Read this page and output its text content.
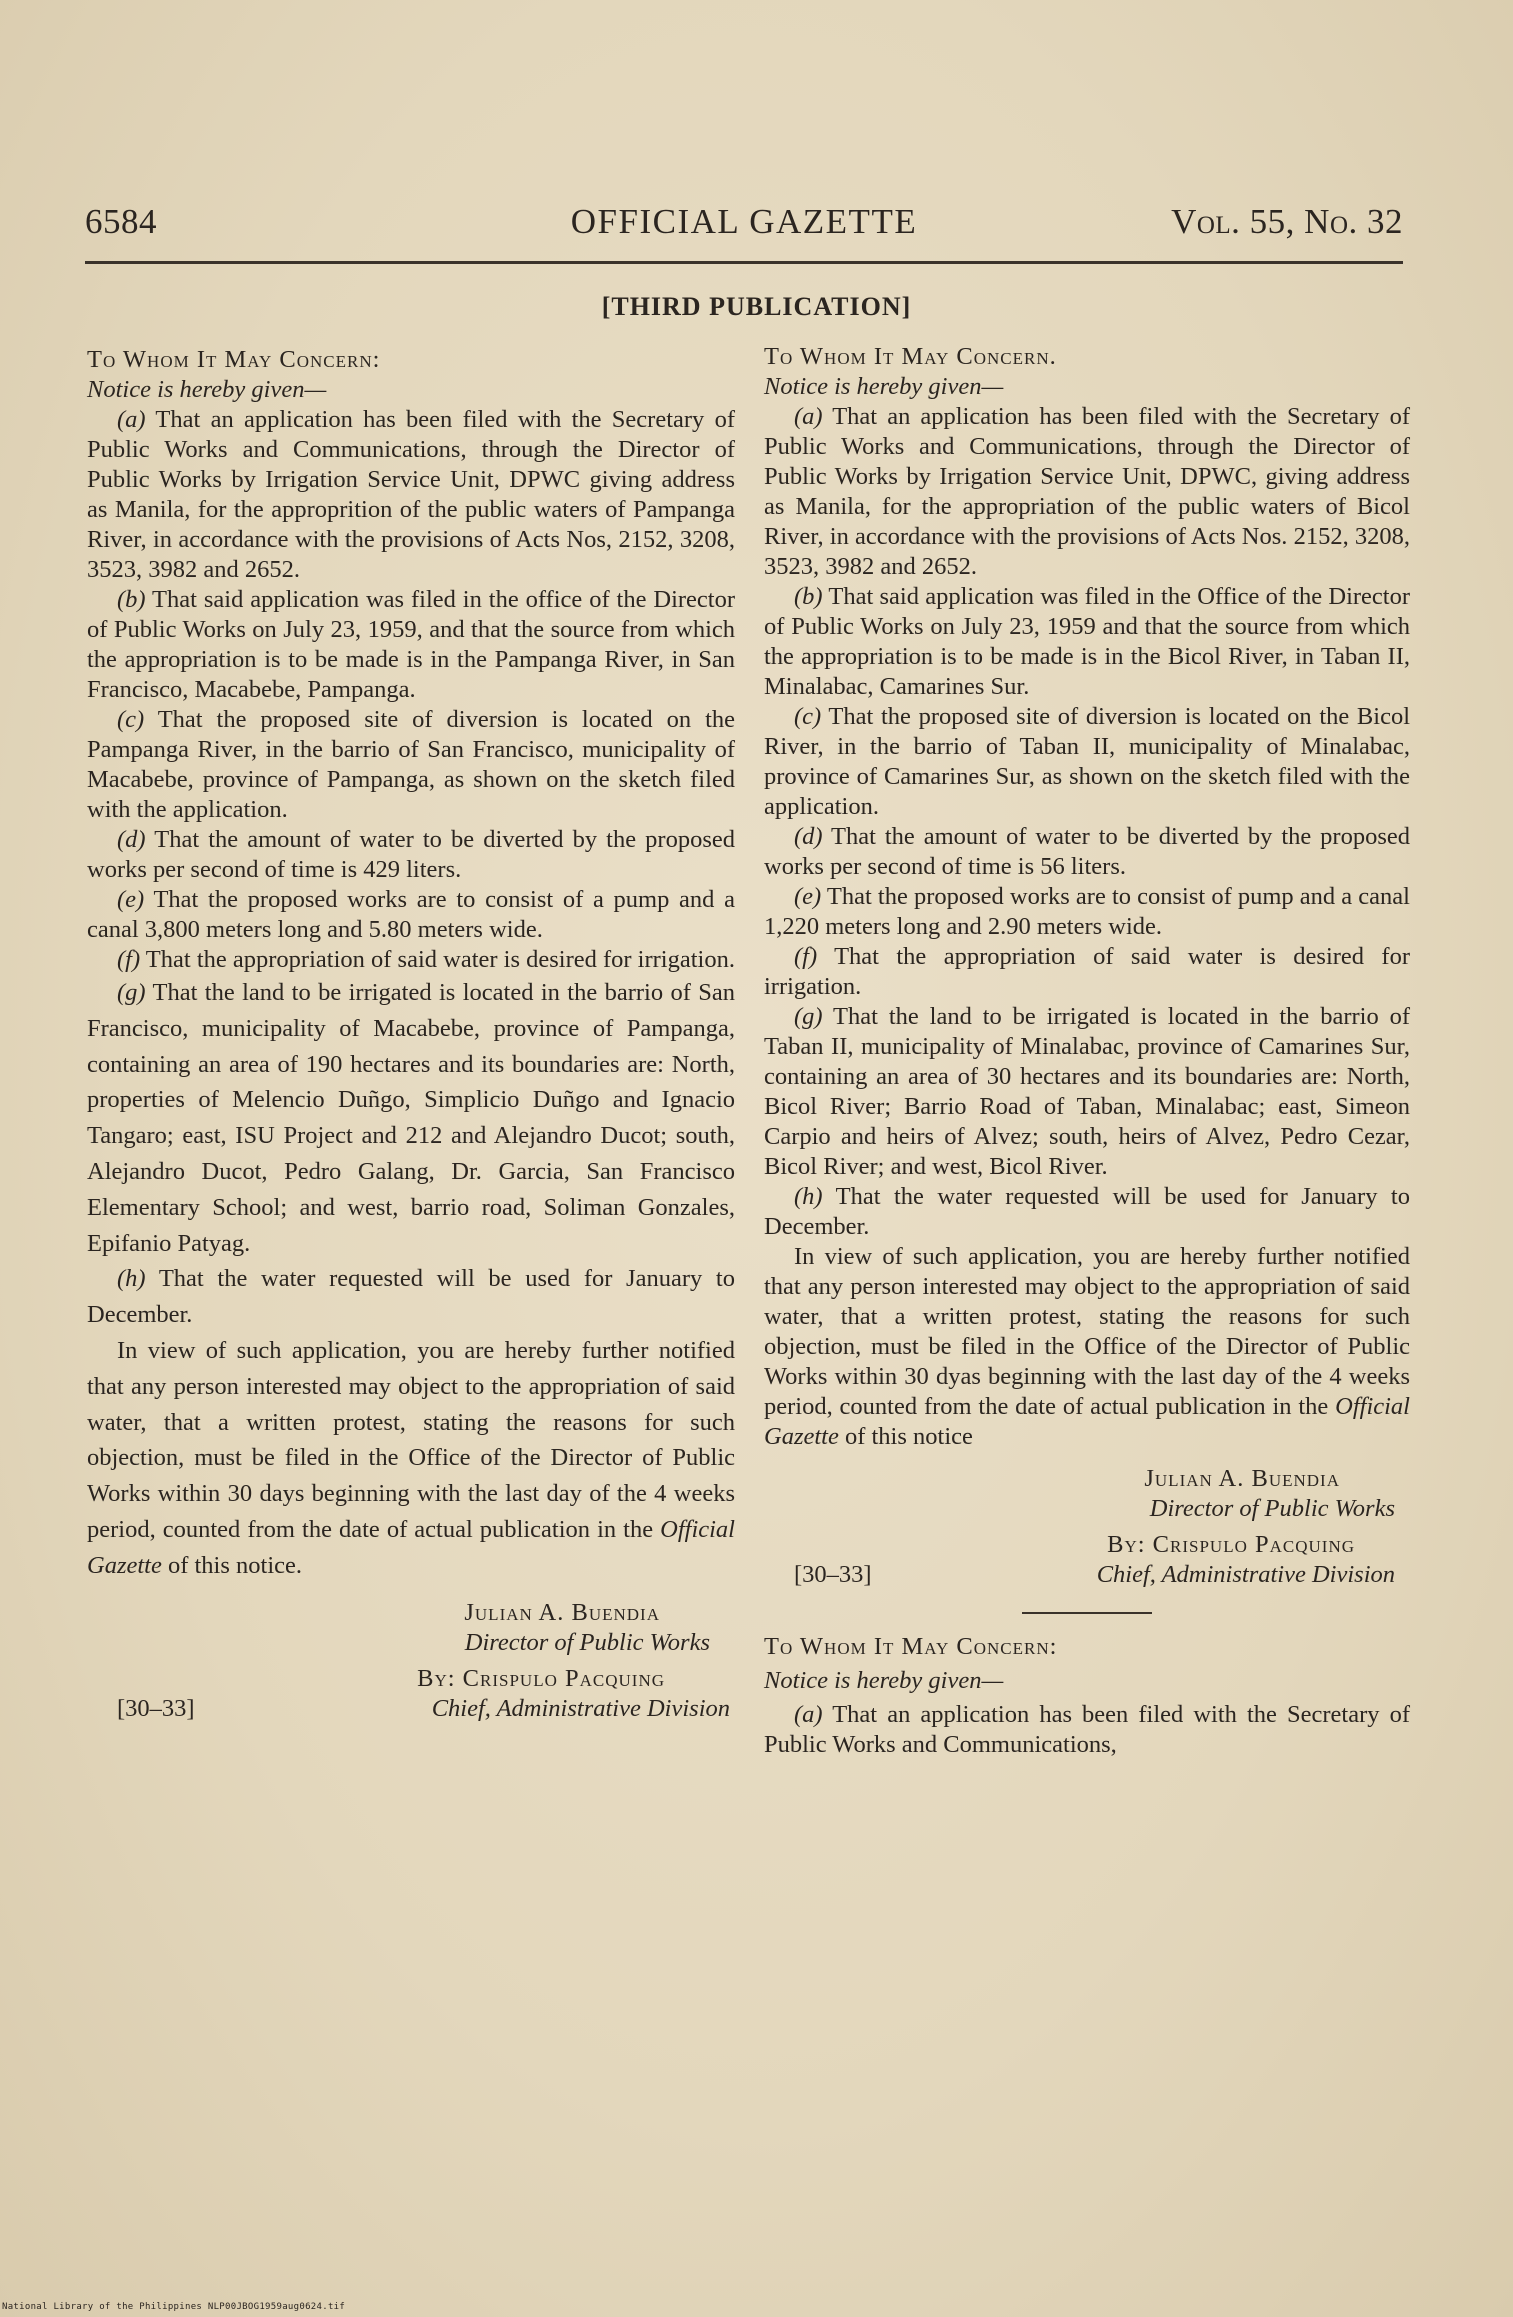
6584	OFFICIAL GAZETTE	Vol. 55, No. 32
[THIRD PUBLICATION]

To Whom It May Concern:

Notice is hereby given—

(a) That an application has been filed with the Secretary of Public Works and Communications, through the Director of Public Works by Irrigation Service Unit, DPWC giving address as Manila, for the approprition of the public waters of Pampanga River, in accordance with the provisions of Acts Nos, 2152, 3208, 3523, 3982 and 2652.

(b) That said application was filed in the office of the Director of Public Works on July 23, 1959, and that the source from which the appropriation is to be made is in the Pampanga River, in San Francisco, Macabebe, Pampanga.

(c) That the proposed site of diversion is located on the Pampanga River, in the barrio of San Francisco, municipality of Macabebe, province of Pampanga, as shown on the sketch filed with the application.

(d) That the amount of water to be diverted by the proposed works per second of time is 429 liters.

(e) That the proposed works are to consist of a pump and a canal 3,800 meters long and 5.80 meters wide.

(f) That the appropriation of said water is desired for irrigation.

(g) That the land to be irrigated is located in the barrio of San Francisco, municipality of Macabebe, province of Pampanga, containing an area of 190 hectares and its boundaries are: North, properties of Melencio Duñgo, Simplicio Duñgo and Ignacio Tangaro; east, ISU Project and 212 and Alejandro Ducot; south, Alejandro Ducot, Pedro Galang, Dr. Garcia, San Francisco Elementary School; and west, barrio road, Soliman Gonzales, Epifanio Patyag.

(h) That the water requested will be used for January to December.

In view of such application, you are hereby further notified that any person interested may object to the appropriation of said water, that a written protest, stating the reasons for such objection, must be filed in the Office of the Director of Public Works within 30 days beginning with the last day of the 4 weeks period, counted from the date of actual publication in the Official Gazette of this notice.

Julian A. Buendia
Director of Public Works

By: Crispulo Pacquing
[30–33]	Chief, Administrative Division

To Whom It May Concern.

Notice is hereby given—

(a) That an application has been filed with the Secretary of Public Works and Communications, through the Director of Public Works by Irrigation Service Unit, DPWC, giving address as Manila, for the appropriation of the public waters of Bicol River, in accordance with the provisions of Acts Nos. 2152, 3208, 3523, 3982 and 2652.

(b) That said application was filed in the Office of the Director of Public Works on July 23, 1959 and that the source from which the appropriation is to be made is in the Bicol River, in Taban II, Minalabac, Camarines Sur.

(c) That the proposed site of diversion is located on the Bicol River, in the barrio of Taban II, municipality of Minalabac, province of Camarines Sur, as shown on the sketch filed with the application.

(d) That the amount of water to be diverted by the proposed works per second of time is 56 liters.

(e) That the proposed works are to consist of pump and a canal 1,220 meters long and 2.90 meters wide.

(f) That the appropriation of said water is desired for irrigation.

(g) That the land to be irrigated is located in the barrio of Taban II, municipality of Minalabac, province of Camarines Sur, containing an area of 30 hectares and its boundaries are: North, Bicol River; Barrio Road of Taban, Minalabac; east, Simeon Carpio and heirs of Alvez; south, heirs of Alvez, Pedro Cezar, Bicol River; and west, Bicol River.

(h) That the water requested will be used for January to December.

In view of such application, you are hereby further notified that any person interested may object to the appropriation of said water, that a written protest, stating the reasons for such objection, must be filed in the Office of the Director of Public Works within 30 dyas beginning with the last day of the 4 weeks period, counted from the date of actual publication in the Official Gazette of this notice

Julian A. Buendia
Director of Public Works

By: Crispulo Pacquing
[30–33]	Chief, Administrative Division

To Whom It May Concern:

Notice is hereby given—

(a) That an application has been filed with the Secretary of Public Works and Communications,

National Library of the Philippines NLP00JBOG1959aug0624.tif
